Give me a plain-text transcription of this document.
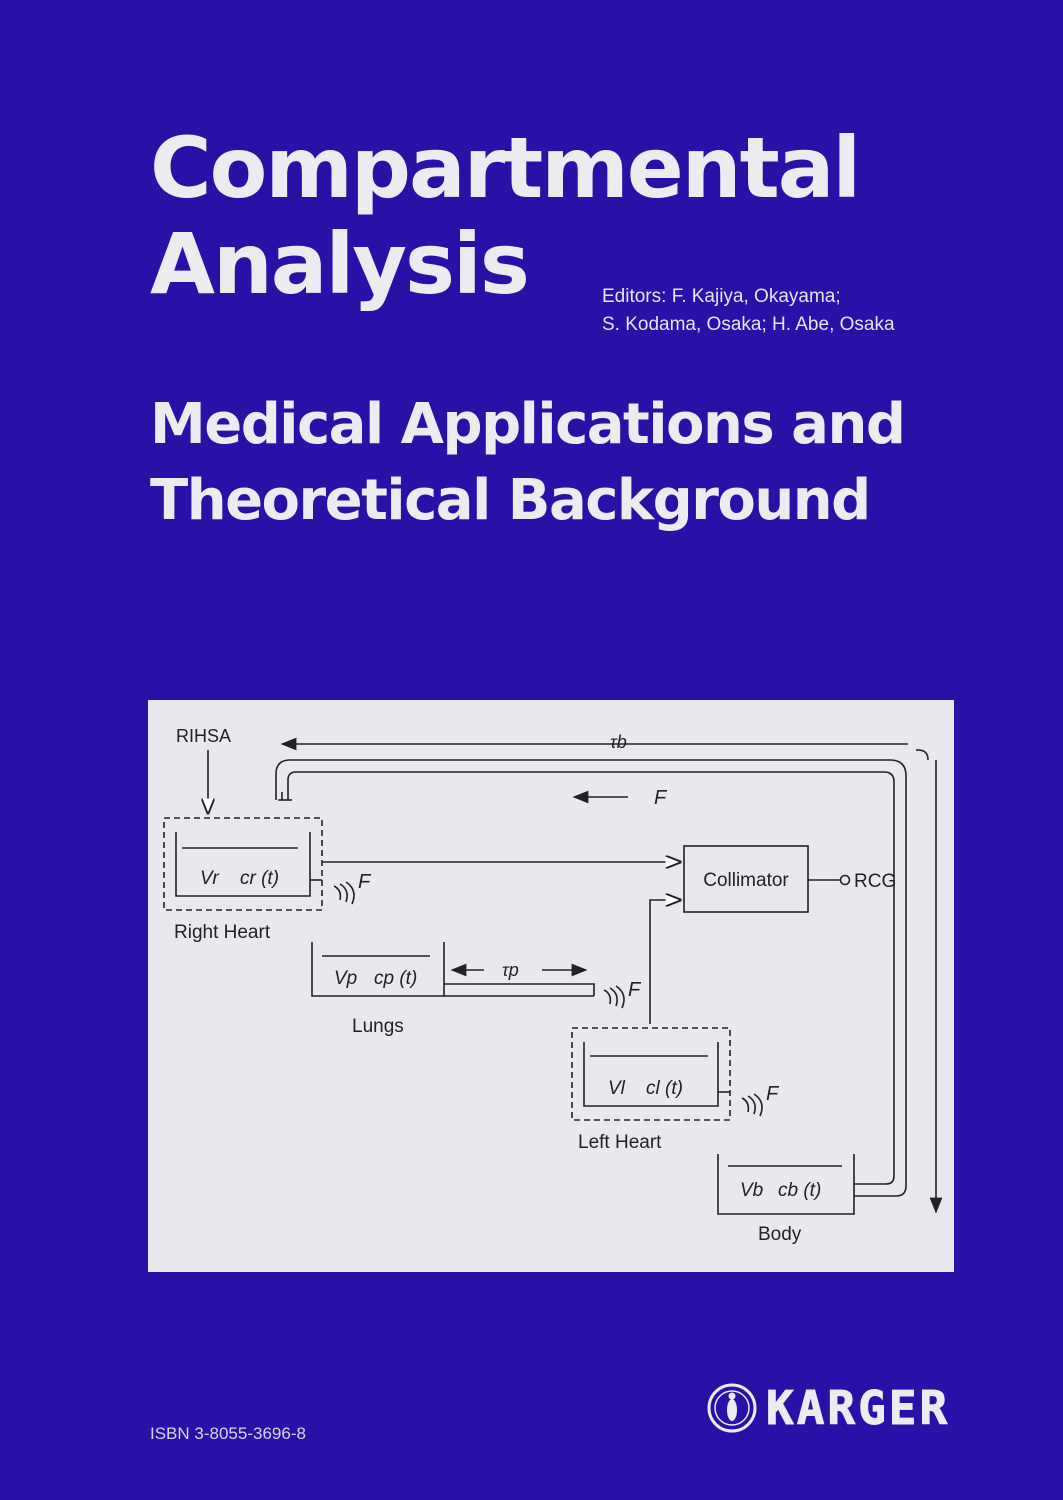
Compartmental
Analysis	Editors: F. Kajiya, Okayama;
S. Kodama, Osaka; H. Abe, Osaka
Medical Applications and
Theoretical Background
RIHSA	τb
F
Vr cr (t)	F
Right Heart
Collimator	RCG
Vp cp (t)	τp
F
Lungs
Vl cl (t)	F
Left Heart
Vb cb (t)
Body
ISBN 3-8055-3696-8	KARGER
